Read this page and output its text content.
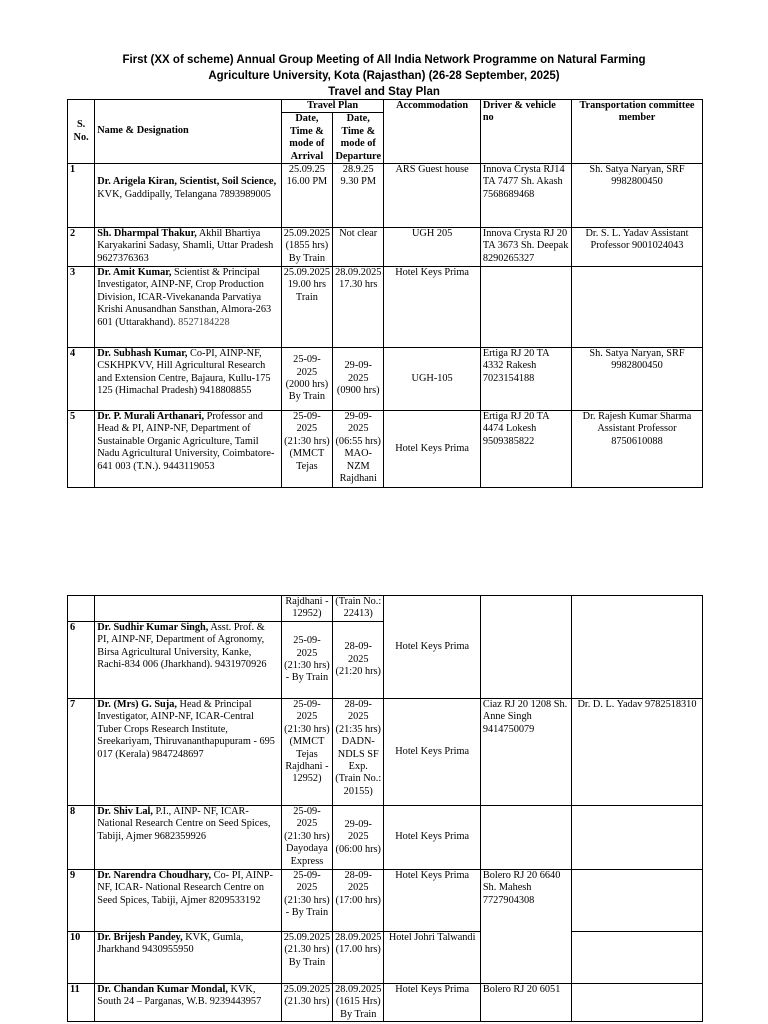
First (XX of scheme) Annual Group Meeting of All India Network Programme on Natural Farming
Agriculture University, Kota (Rajasthan) (26-28 September, 2025)
Travel and Stay Plan
S. No.	Name & Designation	Travel Plan		Accommodation	Driver & vehicle no	Transportation committee member
		Date, Time & mode of Arrival	Date, Time & mode of Departure			
1	Dr. Arigela Kiran, Scientist, Soil Science, KVK, Gaddipally, Telangana 7893989005	25.09.25 16.00 PM	28.9.25 9.30 PM	ARS Guest house	Innova Crysta RJ14 TA 7477 Sh. Akash 7568689468	Sh. Satya Naryan, SRF 9982800450
2	Sh. Dharmpal Thakur, Akhil Bhartiya Karyakarini Sadasy, Shamli, Uttar Pradesh 9627376363	25.09.2025 (1855 hrs) By Train	Not clear	UGH 205	Innova Crysta RJ 20 TA 3673 Sh. Deepak 8290265327	Dr. S. L. Yadav Assistant Professor 9001024043
3	Dr. Amit Kumar, Scientist & Principal Investigator, AINP-NF, Crop Production Division, ICAR-Vivekananda Parvatiya Krishi Anusandhan Sansthan, Almora-263 601 (Uttarakhand). 8527184228	25.09.2025 19.00 hrs Train	28.09.2025 17.30 hrs	Hotel Keys Prima		
4	Dr. Subhash Kumar, Co-PI, AINP-NF, CSKHPKVV, Hill Agricultural Research and Extension Centre, Bajaura, Kullu-175 125 (Himachal Pradesh) 9418808855	25-09-2025 (2000 hrs) By Train	29-09-2025 (0900 hrs)	UGH-105	Ertiga RJ 20 TA 4332 Rakesh 7023154188	Sh. Satya Naryan, SRF 9982800450
5	Dr. P. Murali Arthanari, Professor and Head & PI, AINP-NF, Department of Sustainable Organic Agriculture, Tamil Nadu Agricultural University, Coimbatore-641 003 (T.N.). 9443119053	25-09-2025 (21:30 hrs) (MMCT Tejas	29-09-2025 (06:55 hrs) MAO-NZM Rajdhani	Hotel Keys Prima	Ertiga RJ 20 TA 4474 Lokesh 9509385822	Dr. Rajesh Kumar Sharma Assistant Professor 8750610088
		Rajdhani - 12952)	(Train No.: 22413)	Hotel Keys Prima		
6	Dr. Sudhir Kumar Singh, Asst. Prof. & PI, AINP-NF, Department of Agronomy, Birsa Agricultural University, Kanke, Rachi-834 006 (Jharkhand). 9431970926	25-09-2025 (21:30 hrs) - By Train	28-09-2025 (21:20 hrs)			
7	Dr. (Mrs) G. Suja, Head & Principal Investigator, AINP-NF, ICAR-Central Tuber Crops Research Institute, Sreekariyam, Thiruvananthapupuram - 695 017 (Kerala) 9847248697	25-09-2025 (21:30 hrs) (MMCT Tejas Rajdhani - 12952)	28-09-2025 (21:35 hrs) DADN-NDLS SF Exp. (Train No.: 20155)	Hotel Keys Prima	Ciaz RJ 20 1208 Sh. Anne Singh 9414750079	Dr. D. L. Yadav 9782518310
8	Dr. Shiv Lal, P.I., AINP- NF, ICAR-National Research Centre on Seed Spices, Tabiji, Ajmer 9682359926	25-09-2025 (21:30 hrs) Dayodaya Express	29-09-2025 (06:00 hrs)	Hotel Keys Prima		
9	Dr. Narendra Choudhary, Co- PI, AINP- NF, ICAR- National Research Centre on Seed Spices, Tabiji, Ajmer 8209533192	25-09-2025 (21:30 hrs) - By Train	28-09-2025 (17:00 hrs)	Hotel Keys Prima	Bolero RJ 20 6640 Sh. Mahesh 7727904308	
10	Dr. Brijesh Pandey, KVK, Gumla, Jharkhand 9430955950	25.09.2025 (21.30 hrs) By Train	28.09.2025 (17.00 hrs)	Hotel Johri Talwandi		
11	Dr. Chandan Kumar Mondal, KVK, South 24 – Parganas, W.B. 9239443957	25.09.2025 (21.30 hrs)	28.09.2025 (1615 Hrs) By Train	Hotel Keys Prima	Bolero RJ 20 6051	
